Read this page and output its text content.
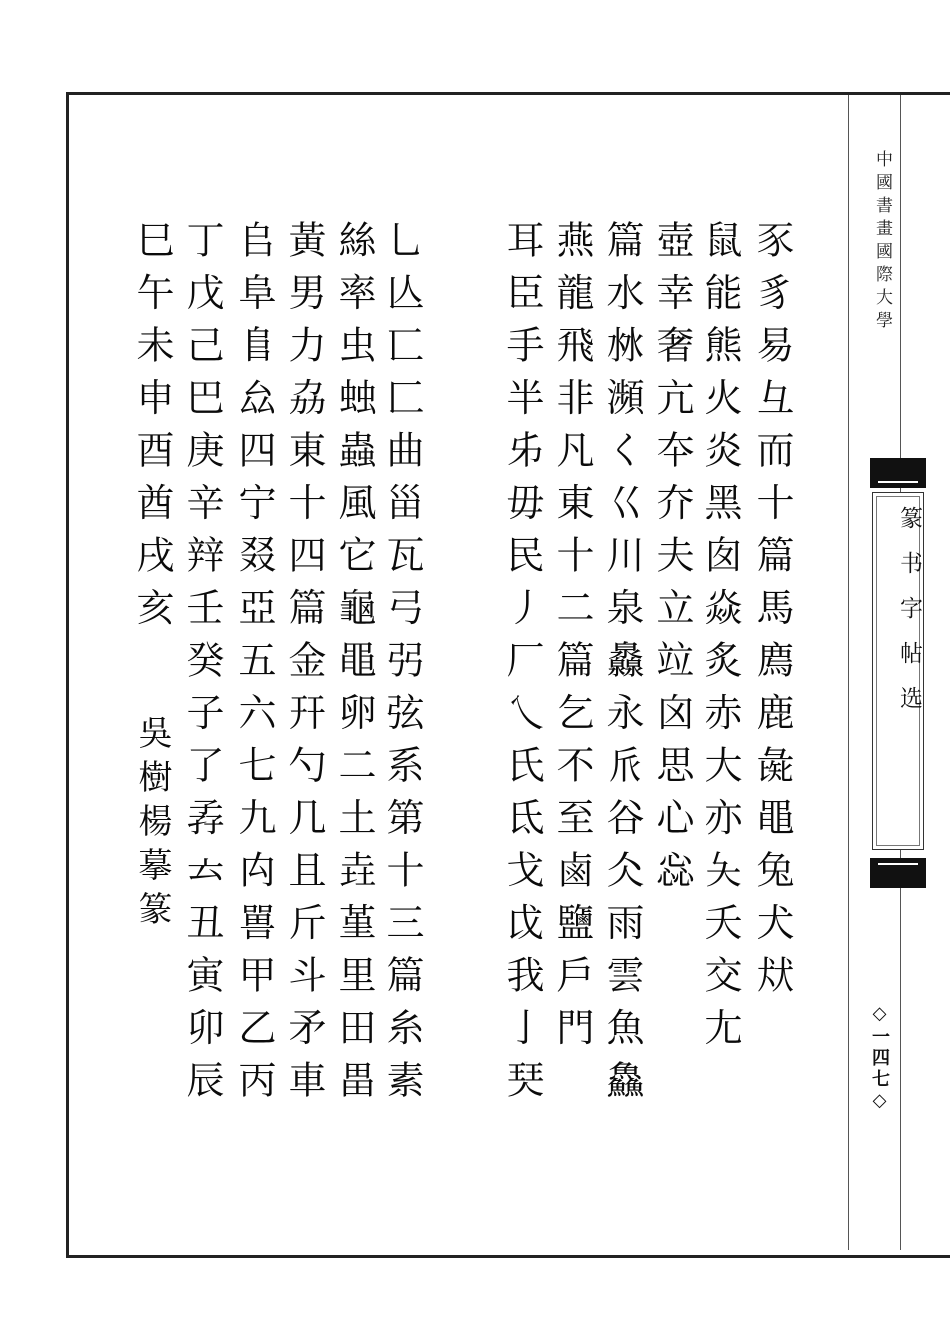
中國書畫國際大學
篆书字帖选
◇一四七◇
豕豸易彑而十篇馬廌鹿彘黽兔犬㹜
鼠能熊火炎黑囱焱炙赤大亦夨夭交尢
壺幸奢亢夲夰夫立竝囟思心惢
篇水沝瀕く巜川泉灥永𠂢谷仌雨雲魚鱻
燕龍飛非凡東十二篇乞不至鹵鹽戶門
耳臣手半𠂔毋民丿厂乀氏氐戈戉我亅珡
乚亾匸匚曲甾瓦弓弜弦系第十三篇糸素
絲率虫䖵蟲風它龜黽卵二土垚堇里田畕
黃男力劦東十四篇金幵勺几且斤斗矛車
𠂤阜𨸏厽四宁叕亞五六七九禸嘼甲乙丙
丁戊己巴庚辛辡壬癸子了孨𠫓丑寅卯辰
巳午未申酉酋戌亥
吳樹楊摹篆
